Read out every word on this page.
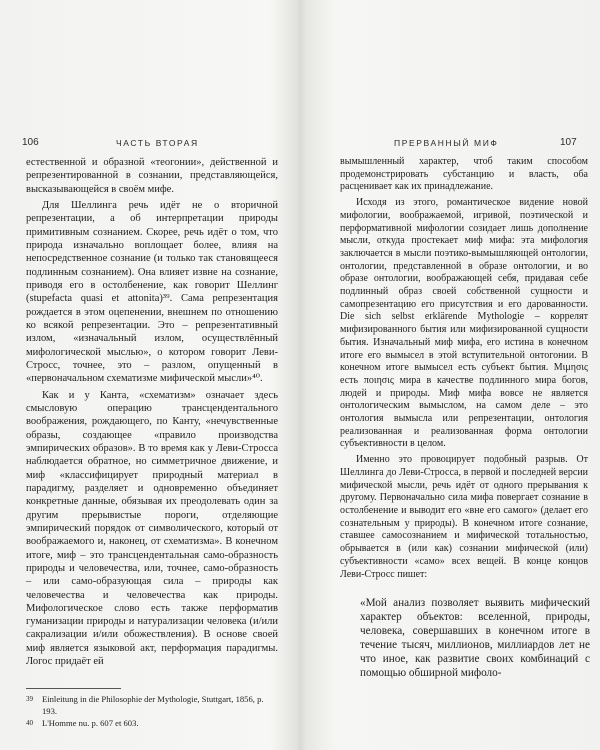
106	ЧАСТЬ ВТОРАЯ

естественной и образной «теогонии», действенной и репрезентированной в сознании, представляющейся, высказывающейся в своём мифе.

Для Шеллинга речь идёт не о вторичной репрезентации, а об интерпретации природы примитивным сознанием. Скорее, речь идёт о том, что природа изначально воплощает более, влияя на непосредственное сознание (и только так становящееся подлинным сознанием). Она влияет извне на сознание, приводя его в остолбенение, как говорит Шеллинг (stupefacta quasi et attonita)³⁹. Сама репрезентация рождается в этом оцепенении, внешнем по отношению ко всякой репрезентации. Это – репрезентативный излом, «изначальный излом, осуществлённый мифологической мыслью», о котором говорит Леви-Стросс, точнее, это – разлом, опущенный в «первоначальном схематизме мифической мысли»⁴⁰.

Как и у Канта, «схематизм» означает здесь смысловую операцию трансцендентального воображения, рождающего, по Канту, «нечувственные образы, создающее «правило производства эмпирических образов». В то время как у Леви-Стросса наблюдается обратное, но симметричное движение, и миф «классифицирует природный материал в парадигму, разделяет и одновременно объединяет конкретные данные, обязывая их преодолевать один за другим прерывистые пороги, отделяющие эмпирический порядок от символического, который от воображаемого и, наконец, от схематизма». В конечном итоге, миф – это трансцендентальная само-образность природы и человечества, или, точнее, само-образность – или само-образующая сила – природы как человечества и человечества как природы. Мифологическое слово есть также перформатив гуманизации природы и натурализации человека (и/или сакрализации и/или обожествления). В основе своей миф является языковой акт, перформация парадигмы. Логос придаёт ей

39	Einleitung in die Philosophie der Mythologie, Stuttgart, 1856, p. 193.
40	L'Homme nu. p. 607 et 603.
ПРЕРВАННЫЙ МИФ	107

вымышленный характер, чтоб таким способом продемонстрировать субстанцию и власть, оба расценивает как их принадлежание.

Исходя из этого, романтическое видение новой мифологии, воображаемой, игривой, поэтической и перформативной мифологии созидает лишь дополнение мысли, откуда простекает миф мифа: эта мифология заключается в мысли поэтико-вымышляющей онтологии, онтологии, представленной в образе онтологии, и во образе онтологии, воображающей себя, придавая себе подлинный образ своей собственной сущности и самопрезентацию его присутствия и его дарованности. Die sich selbst erklärende Mythologie – коррелят мифизированного бытия или мифизированной сущности бытия. Изначальный миф мифа, его истина в конечном итоге его вымысел в этой вступительной онтогонии. В конечном итоге вымысел есть субъект бытия. Μιμησις есть ποιησις мира в качестве подлинного мира богов, людей и природы. Миф мифа вовсе не является онтологическим вымыслом, на самом деле – это онтология вымысла или репрезентации, онтология реализованная и реализованная форма онтологии субъективности в целом.

Именно это провоцирует подобный разрыв. От Шеллинга до Леви-Стросса, в первой и последней версии мифической мысли, речь идёт от одного прерывания к другому. Первоначально сила мифа повергает сознание в остолбенение и выводит его «вне его самого» (делает его сознательным у природы). В конечном итоге сознание, ставшее самосознанием и мифической тотальностью, обрывается в (или как) сознании мифической (или) субъективности «само» всех вещей. В конце концов Леви-Стросс пишет:

«Мой анализ позволяет выявить мифический характер объектов: вселенной, природы, человека, совершавших в конечном итоге в течение тысяч, миллионов, миллиардов лет не что иное, как развитие своих комбинаций с помощью обширной мифоло-
